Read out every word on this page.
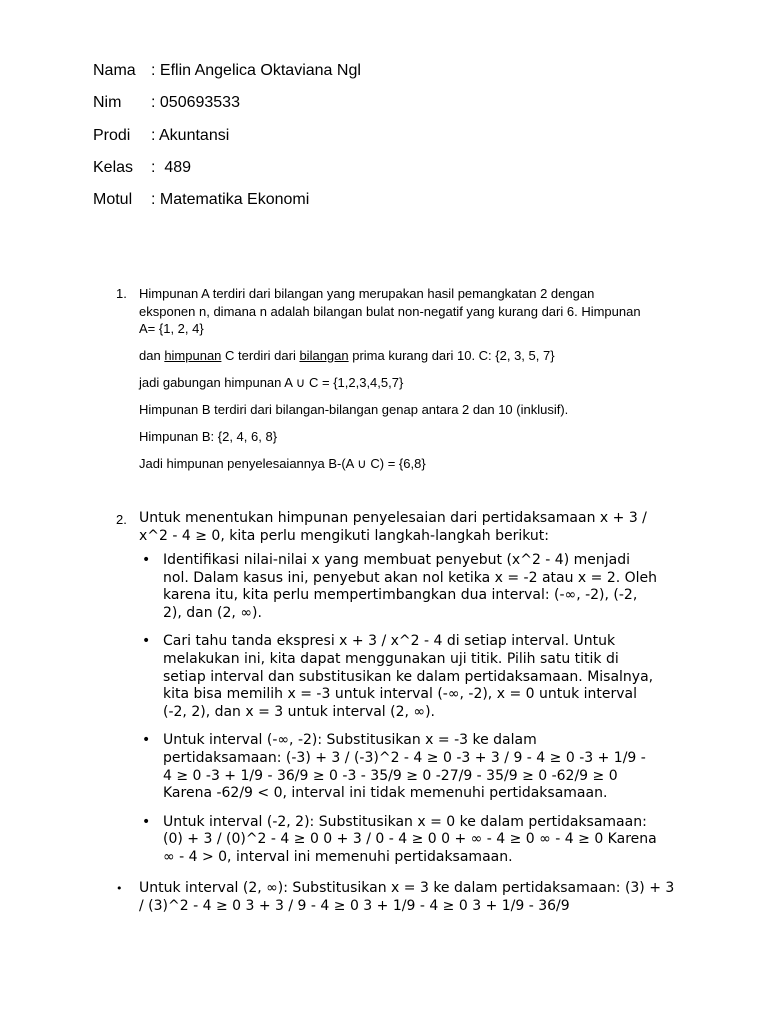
Nama : Eflin Angelica Oktaviana Ngl
Nim : 050693533
Prodi : Akuntansi
Kelas :  489
Motul : Matematika Ekonomi
1. Himpunan A terdiri dari bilangan yang merupakan hasil pemangkatan 2 dengan eksponen n, dimana n adalah bilangan bulat non-negatif yang kurang dari 6. Himpunan A= {1, 2, 4}

dan himpunan C terdiri dari bilangan prima kurang dari 10. C: {2, 3, 5, 7}

jadi gabungan himpunan A ∪ C = {1,2,3,4,5,7}

Himpunan B terdiri dari bilangan-bilangan genap antara 2 dan 10 (inklusif).

Himpunan B: {2, 4, 6, 8}

Jadi himpunan penyelesaiannya B-(A ∪ C) = {6,8}

2. Untuk menentukan himpunan penyelesaian dari pertidaksamaan x + 3 / x^2 - 4 ≥ 0, kita perlu mengikuti langkah-langkah berikut:
• Identifikasi nilai-nilai x yang membuat penyebut (x^2 - 4) menjadi nol. Dalam kasus ini, penyebut akan nol ketika x = -2 atau x = 2. Oleh karena itu, kita perlu mempertimbangkan dua interval: (-∞, -2), (-2, 2), dan (2, ∞).
• Cari tahu tanda ekspresi x + 3 / x^2 - 4 di setiap interval. Untuk melakukan ini, kita dapat menggunakan uji titik. Pilih satu titik di setiap interval dan substitusikan ke dalam pertidaksamaan. Misalnya, kita bisa memilih x = -3 untuk interval (-∞, -2), x = 0 untuk interval (-2, 2), dan x = 3 untuk interval (2, ∞).
• Untuk interval (-∞, -2): Substitusikan x = -3 ke dalam pertidaksamaan: (-3) + 3 / (-3)^2 - 4 ≥ 0 -3 + 3 / 9 - 4 ≥ 0 -3 + 1/9 - 4 ≥ 0 -3 + 1/9 - 36/9 ≥ 0 -3 - 35/9 ≥ 0 -27/9 - 35/9 ≥ 0 -62/9 ≥ 0 Karena -62/9 < 0, interval ini tidak memenuhi pertidaksamaan.
• Untuk interval (-2, 2): Substitusikan x = 0 ke dalam pertidaksamaan: (0) + 3 / (0)^2 - 4 ≥ 0 0 + 3 / 0 - 4 ≥ 0 0 + ∞ - 4 ≥ 0 ∞ - 4 ≥ 0 Karena ∞ - 4 > 0, interval ini memenuhi pertidaksamaan.
• Untuk interval (2, ∞): Substitusikan x = 3 ke dalam pertidaksamaan: (3) + 3 / (3)^2 - 4 ≥ 0 3 + 3 / 9 - 4 ≥ 0 3 + 1/9 - 4 ≥ 0 3 + 1/9 - 36/9
